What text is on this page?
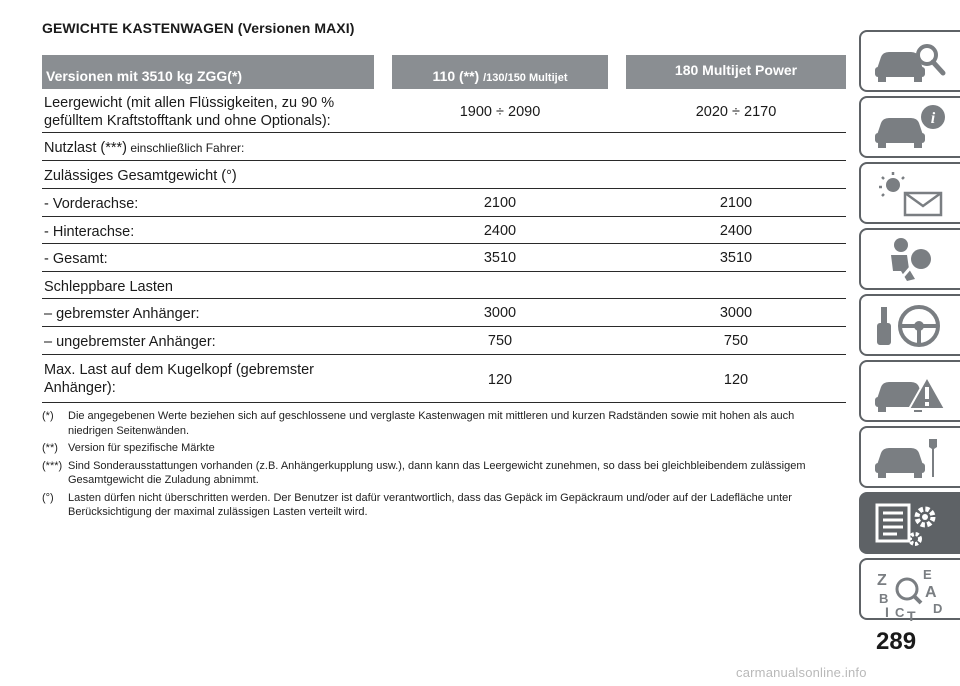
GEWICHTE KASTENWAGEN (Versionen MAXI)
Versionen mit 3510 kg ZGG(*)	110 (**) /130/150 Multijet	180 Multijet Power
Leergewicht (mit allen Flüssigkeiten, zu 90 %
gefülltem Kraftstofftank und ohne Optionals):
1900 ÷ 2090	2020 ÷ 2170
Nutzlast (***) einschließlich Fahrer:
Zulässiges Gesamtgewicht (°)
- Vorderachse:	2100	2100
- Hinterachse:	2400	2400
- Gesamt:	3510	3510
Schleppbare Lasten
– gebremster Anhänger:	3000	3000
– ungebremster Anhänger:	750	750
Max. Last auf dem Kugelkopf (gebremster
Anhänger):	120	120
(*) Die angegebenen Werte beziehen sich auf geschlossene und verglaste Kastenwagen mit mittleren und kurzen Radständen sowie mit hohen als auch niedrigen Seitenwänden.
(**) Version für spezifische Märkte
(***) Sind Sonderausstattungen vorhanden (z.B. Anhängerkupplung usw.), dann kann das Leergewicht zunehmen, so dass bei gleichbleibendem zulässigem Gesamtgewicht die Zuladung abnimmt.
(°) Lasten dürfen nicht überschritten werden. Der Benutzer ist dafür verantwortlich, dass das Gepäck im Gepäckraum und/oder auf der Ladefläche unter Berücksichtigung der maximal zulässigen Lasten verteilt wird.
i
Z	E
B A
D
I C T
289
carmanualsonline.info
